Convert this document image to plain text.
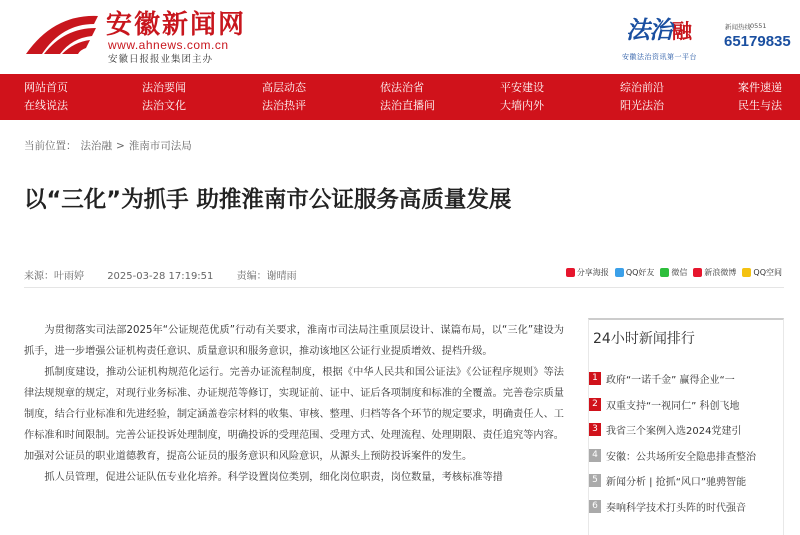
安徽新闻网
www.ahnews.com.cn
安徽日报报业集团主办
法治融
安徽法治资讯第一平台
新闻热线 0551
65179835
网站首页
在线说法
法治要闻
法治文化
高层动态
法治热评
依法治省
法治直播间
平安建设
大墙内外
综治前沿
阳光法治
案件速递
民生与法
当前位置： 法治融 > 淮南市司法局
以“三化”为抓手 助推淮南市公证服务高质量发展
来源：叶雨婷 2025-03-28 17:19:51 责编：谢晴雨	分享海报 QQ好友 微信 新浪微博 QQ空间

为贯彻落实司法部2025年“公证规范优质”行动有关要求，淮南市司法局注重顶层设计、谋篇布局，以“三化”建设为抓手，进一步增强公证机构责任意识、质量意识和服务意识，推动该地区公证行业提质增效、提档升级。

抓制度建设，推动公证机构规范化运行。完善办证流程制度，根据《中华人民共和国公证法》《公证程序规则》等法律法规规章的规定，对现行业务标准、办证规范等修订，实现证前、证中、证后各项制度和标准的全覆盖。完善卷宗质量制度，结合行业标准和先进经验，制定涵盖卷宗材料的收集、审核、整理、归档等各个环节的规定要求，明确责任人、工作标准和时间限制。完善公证投诉处理制度，明确投诉的受理范围、受理方式、处理流程、处理期限、责任追究等内容。加强对公证员的职业道德教育，提高公证员的服务意识和风险意识，从源头上预防投诉案件的发生。

抓人员管理，促进公证队伍专业化培养。科学设置岗位类别，细化岗位职责，岗位数量，考核标准等措

24小时新闻排行
1 政府“一诺千金” 赢得企业“一
2 双重支持“一视同仁” 科创飞地
3 我省三个案例入选2024党建引
4 安徽：公共场所安全隐患排查整治
5 新闻分析 | 抢抓“风口”驰骋智能
6 奏响科学技术打头阵的时代强音
